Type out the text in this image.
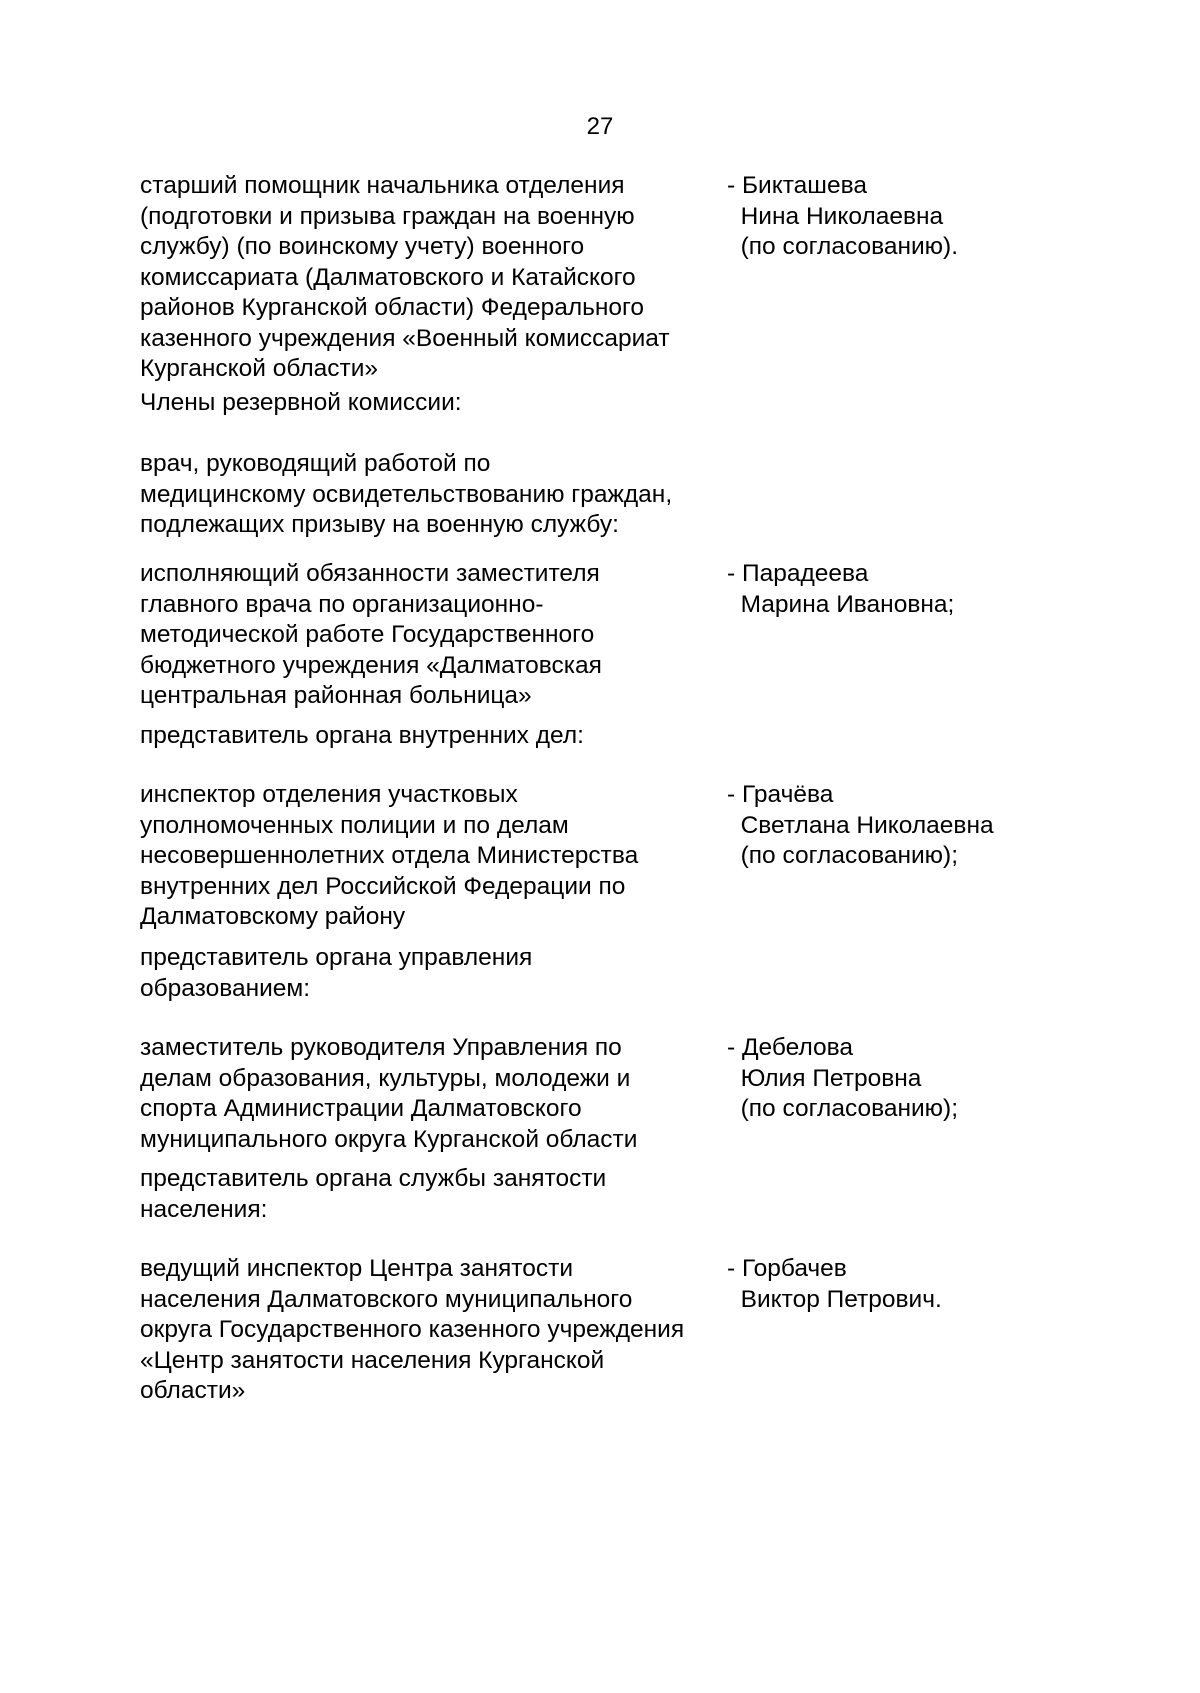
27
старший помощник начальника отделения
(подготовки и призыва граждан на военную
службу) (по воинскому учету) военного
комиссариата (Далматовского и Катайского
районов Курганской области) Федерального
казенного учреждения «Военный комиссариат
Курганской области»
- Бикташева
Нина Николаевна
(по согласованию).
Члены резервной комиссии:
врач, руководящий работой по
медицинскому освидетельствованию граждан,
подлежащих призыву на военную службу:
исполняющий обязанности заместителя
главного врача по организационно-
методической работе Государственного
бюджетного учреждения «Далматовская
центральная районная больница»
- Парадеева
Марина Ивановна;
представитель органа внутренних дел:
инспектор отделения участковых
уполномоченных полиции и по делам
несовершеннолетних отдела Министерства
внутренних дел Российской Федерации по
Далматовскому району
- Грачёва
Светлана Николаевна
(по согласованию);
представитель органа управления
образованием:
заместитель руководителя Управления по
делам образования, культуры, молодежи и
спорта Администрации Далматовского
муниципального округа Курганской области
- Дебелова
Юлия Петровна
(по согласованию);
представитель органа службы занятости
населения:
ведущий инспектор Центра занятости
населения Далматовского муниципального
округа Государственного казенного учреждения
«Центр занятости населения Курганской
области»
- Горбачев
Виктор Петрович.
